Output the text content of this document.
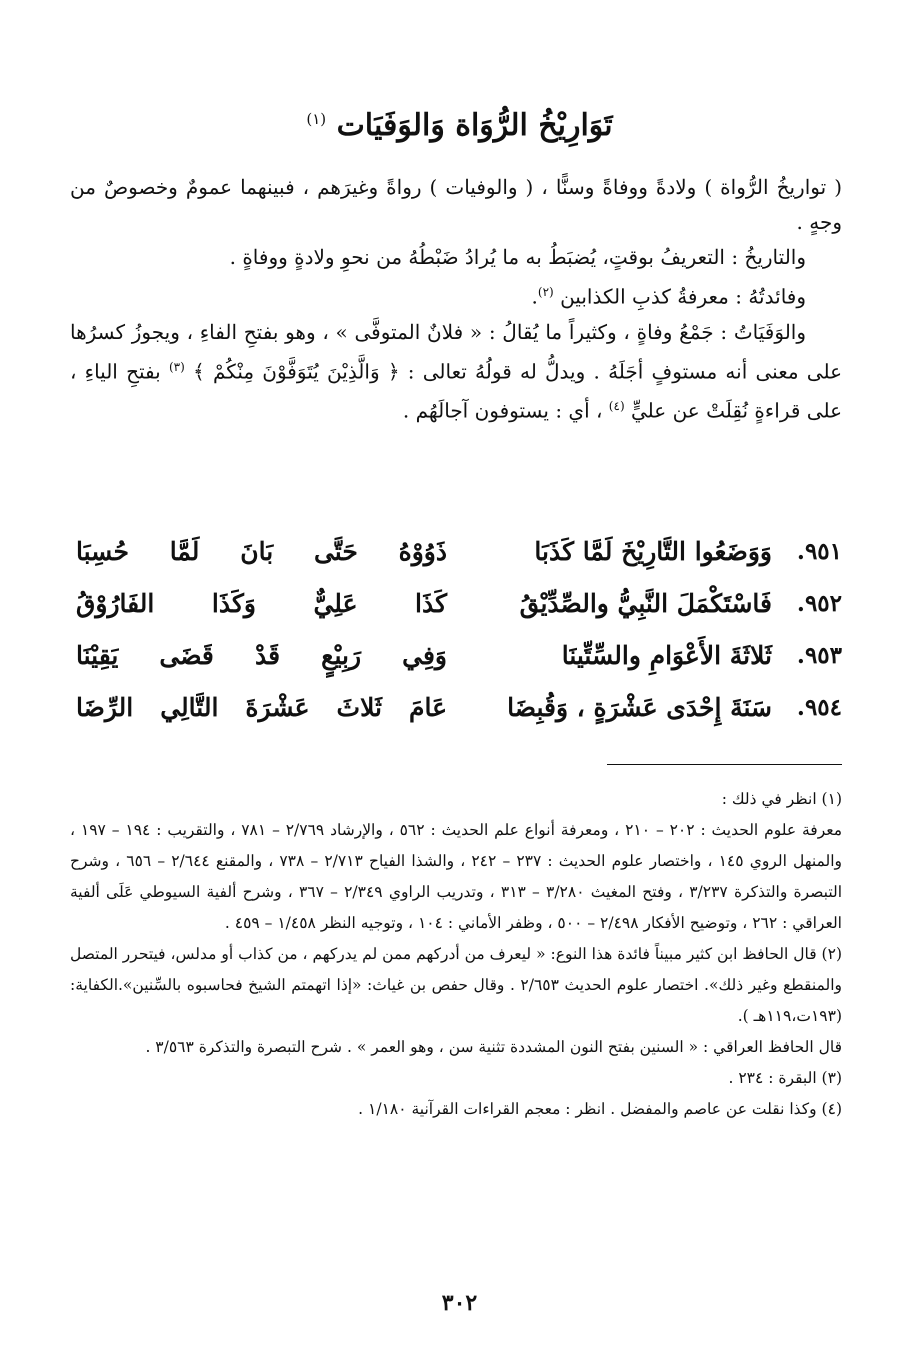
تَوَارِيْخُ الرُّوَاة وَالوَفَيَات $^{(١)}$

( تواريخُ الرُّواة ) ولادةً ووفاةً وسنًّا ، ( والوفيات ) رواةً وغيرَهم ، فبينهما عمومٌ وخصوصٌ من وجهٍ .

والتاريخُ : التعريفُ بوقتٍ، يُضبَطُ به ما يُرادُ ضَبْطُهُ من نحوِ ولادةٍ ووفاةٍ .

وفائدتُهُ : معرفةُ كذبِ الكذابين $^{(٢)}$.

والوَفَيَاتُ : جَمْعُ وفاةٍ ، وكثيراً ما يُقالُ : « فلانٌ المتوفَّى » ، وهو بفتحِ الفاءِ ، ويجوزُ كسرُها على معنى أنه مستوفٍ أجَلَهُ . ويدلُّ له قولُهُ تعالى : ﴿ وَالَّذِيْنَ يُتَوَفَّوْنَ مِنْكُمْ ﴾ $^{(٣)}$ بفتحِ الياءِ ، على قراءةٍ نُقِلَتْ عن عليٍّ $^{(٤)}$ ، أي : يستوفون آجالَهُم .

٩٥١.
وَوَضَعُوا التَّارِيْخَ لَمَّا كَذَبَا
ذَوُوْهُ حَتَّى بَانَ لَمَّا حُسِبَا
٩٥٢.
فَاسْتَكْمَلَ النَّبِيُّ والصِّدِّيْقُ
كَذَا عَلِيٌّ وَكَذَا الفَارُوْقُ
٩٥٣.
ثَلاثَةَ الأَعْوَامِ والسِّتِّينَا
وَفِي رَبِيْعٍ قَدْ قَضَى يَقِيْنَا
٩٥٤.
سَنَةَ إِحْدَى عَشْرَةٍ ، وَقُبِضَا
عَامَ ثَلاثَ عَشْرَةَ التَّالِي الرِّضَا

(١) انظر في ذلك :

معرفة علوم الحديث : ٢٠٢ – ٢١٠ ، ومعرفة أنواع علم الحديث : ٥٦٢ ، والإرشاد ٢/٧٦٩ – ٧٨١ ، والتقريب : ١٩٤ – ١٩٧ ، والمنهل الروي ١٤٥ ، واختصار علوم الحديث : ٢٣٧ – ٢٤٢ ، والشذا الفياح ٢/٧١٣ – ٧٣٨ ، والمقنع ٢/٦٤٤ – ٦٥٦ ، وشرح التبصرة والتذكرة ٣/٢٣٧ ، وفتح المغيث ٣/٢٨٠ – ٣١٣ ، وتدريب الراوي ٢/٣٤٩ – ٣٦٧ ، وشرح ألفية السيوطي عَلَى ألفية العراقي : ٢٦٢ ، وتوضيح الأفكار ٢/٤٩٨ – ٥٠٠ ، وظفر الأماني : ١٠٤ ، وتوجيه النظر ١/٤٥٨ – ٤٥٩ .

(٢) قال الحافظ ابن كثير مبيناً فائدة هذا النوع: « ليعرف من أدركهم ممن لم يدركهم ، من كذاب أو مدلس، فيتحرر المتصل والمنقطع وغير ذلك». اختصار علوم الحديث ٢/٦٥٣ . وقال حفص بن غياث: «إذا اتهمتم الشيخ فحاسبوه بالسِّنين».الكفاية:(١٩٣ت،١١٩هـ ).

قال الحافظ العراقي : « السنين بفتح النون المشددة تثنية سن ، وهو العمر » . شرح التبصرة والتذكرة ٣/٥٦٣ .

(٣) البقرة : ٢٣٤ .

(٤) وكذا نقلت عن عاصم والمفضل . انظر : معجم القراءات القرآنية ١/١٨٠ .

٣٠٢
